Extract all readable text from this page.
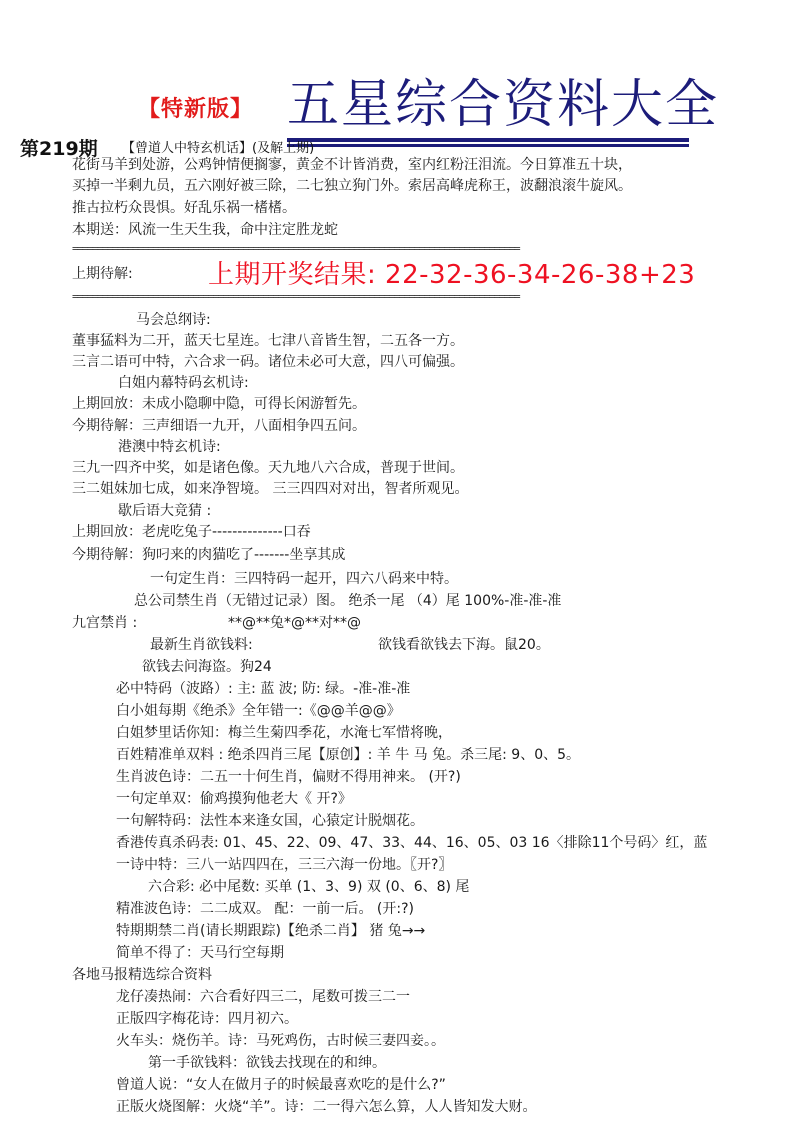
【特新版】 五星综合资料大全
第219期 【曾道人中特玄机话】(及解上期)
花街马羊到处游，公鸡钟情便搁寥，黄金不计皆消费，室内红粉汪泪流。今日算准五十块，
买掉一半剩九员，五六刚好被三除，二七独立狗门外。索居高峰虎称王，波翻浪滚牛旋风。
推古拉朽众畏惧。好乱乐祸一榰榰。
本期送：风流一生天生我，命中注定胜龙蛇
=========================================================================================
上期待解:	上期开奖结果: 22-32-36-34-26-38+23
=========================================================================================
马会总纲诗:
董事猛料为二开，蓝天七星连。七津八音皆生智，二五各一方。
三言二语可中特，六合求一码。诸位未必可大意，四八可偏强。
白姐内幕特码玄机诗:
上期回放：未成小隐聊中隐，可得长闲游暂先。
今期待解：三声细语一九开，八面相争四五问。
港澳中特玄机诗:
三九一四齐中奖，如是诸色像。天九地八六合成，普现于世间。
三二姐妹加七成，如来净智境。 三三四四对对出，智者所观见。
歇后语大竞猜 :
上期回放：老虎吃兔子--------------口吞
今期待解：狗叼来的肉猫吃了-------坐享其成
一句定生肖：三四特码一起开，四六八码来中特。
总公司禁生肖（无错过记录）图。 绝杀一尾 （4）尾 100%-准-准-准
九宫禁肖 :	**@**兔*@**对**@
最新生肖欲钱料:	欲钱看欲钱去下海。鼠20。
欲钱去问海盗。狗24
必中特码（波路）: 主: 蓝 波; 防: 绿。-准-准-准
白小姐每期《绝杀》全年错一:《@@羊@@》
白姐梦里话你知：梅兰生菊四季花，水淹七军惜将晚，
百姓精准单双料 : 绝杀四肖三尾【原创】: 羊 牛 马 兔。杀三尾: 9、0、5。
生肖波色诗：二五一十何生肖，偏财不得用神来。 (开?)
一句定单双：偷鸡摸狗他老大《 开?》
一句解特码：法性本来逢女国，心猿定计脱烟花。
香港传真杀码表: 01、45、22、09、47、33、44、16、05、03 16〈排除11个号码〉红，蓝
一诗中特：三八一站四四在，三三六海一份地。〖开?〗
六合彩: 必中尾数: 买单 (1、3、9) 双 (0、6、8) 尾
精准波色诗：二二成双。 配：一前一后。 (开:?)
特期期禁二肖(请长期跟踪)【绝杀二肖】 猪 兔→→
简单不得了：天马行空每期
各地马报精选综合资料
龙仔凑热闹：六合看好四三二，尾数可拨三二一
正版四字梅花诗：四月初六。
火车头：烧伤羊。诗：马死鸡伤，古时候三妻四妾。。
第一手欲钱料：欲钱去找现在的和绅。
曾道人说：“女人在做月子的时候最喜欢吃的是什么?”
正版火烧图解：火烧“羊”。诗：二一得六怎么算，人人皆知发大财。
